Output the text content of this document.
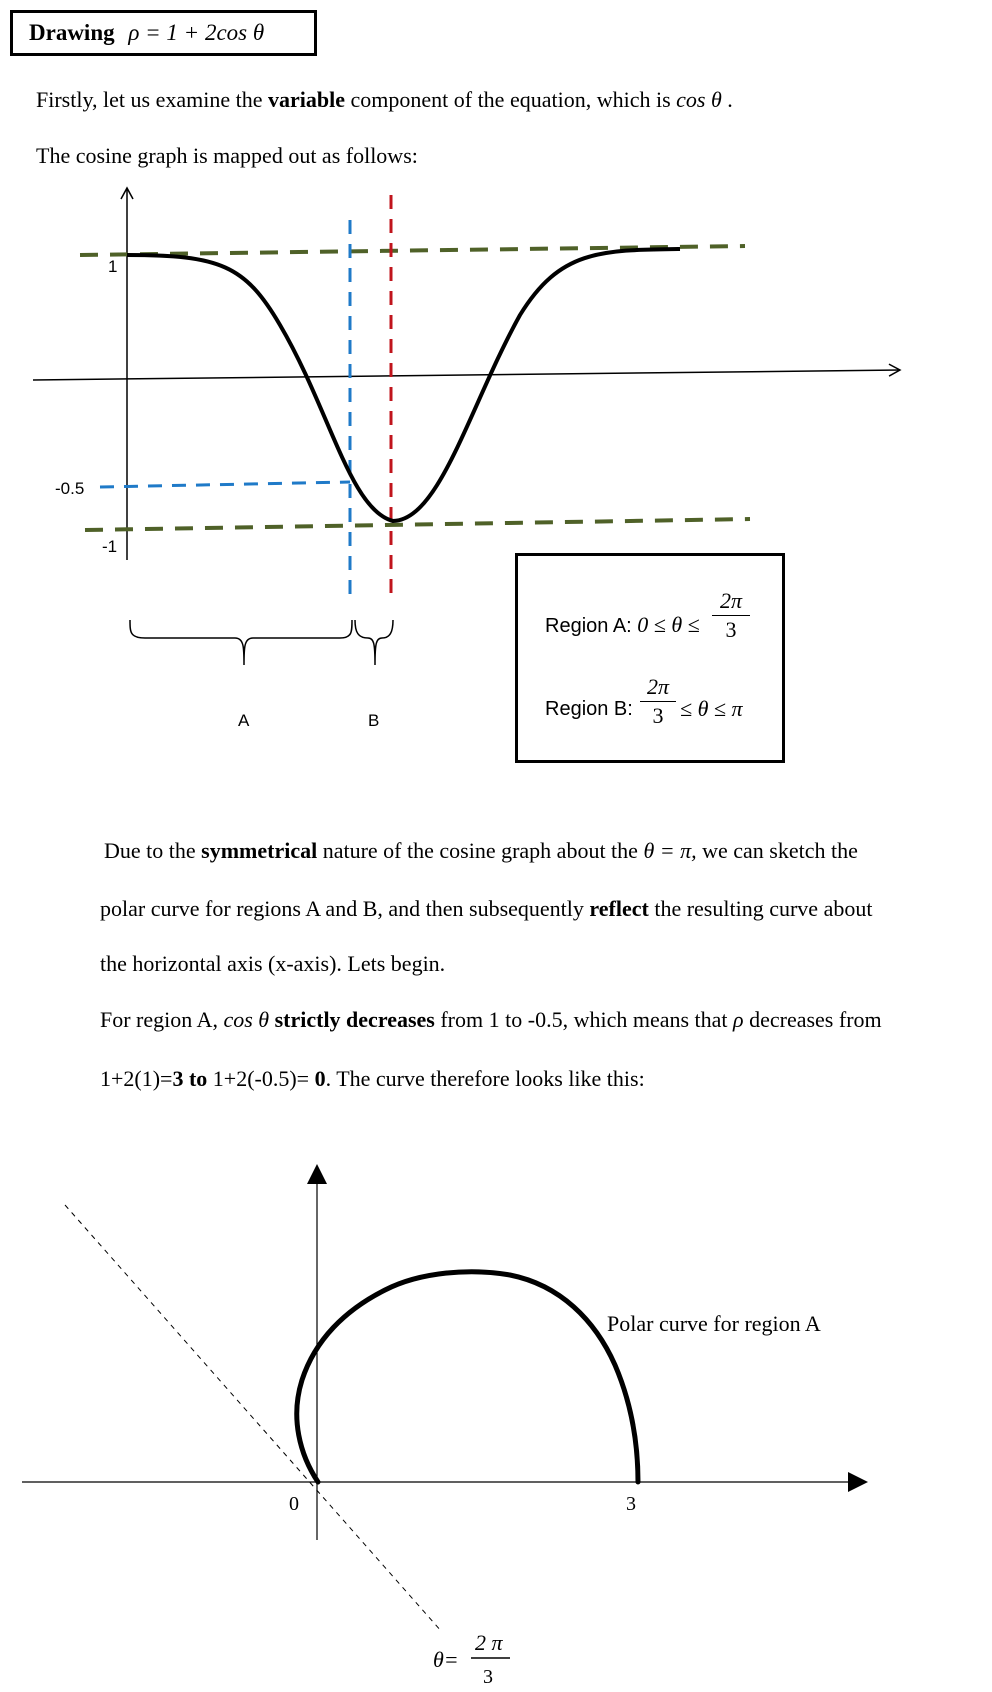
Drawing ρ = 1 + 2cos θ
Firstly, let us examine the variable component of the equation, which is cos θ .
The cosine graph is mapped out as follows:
1
-0.5
-1
A	B
Region A: 0 ≤ θ ≤
2π
3
Region B:
2π
3 ≤ θ ≤ π
Due to the symmetrical nature of the cosine graph about the θ = π, we can sketch the
polar curve for regions A and B, and then subsequently reflect the resulting curve about
the horizontal axis (x-axis). Lets begin.
For region A, cos θ strictly decreases from 1 to -0.5, which means that ρ decreases from
1+2(1)=3 to 1+2(-0.5)= 0. The curve therefore looks like this:
0	3
Polar curve for region A
θ=
2 π
3
